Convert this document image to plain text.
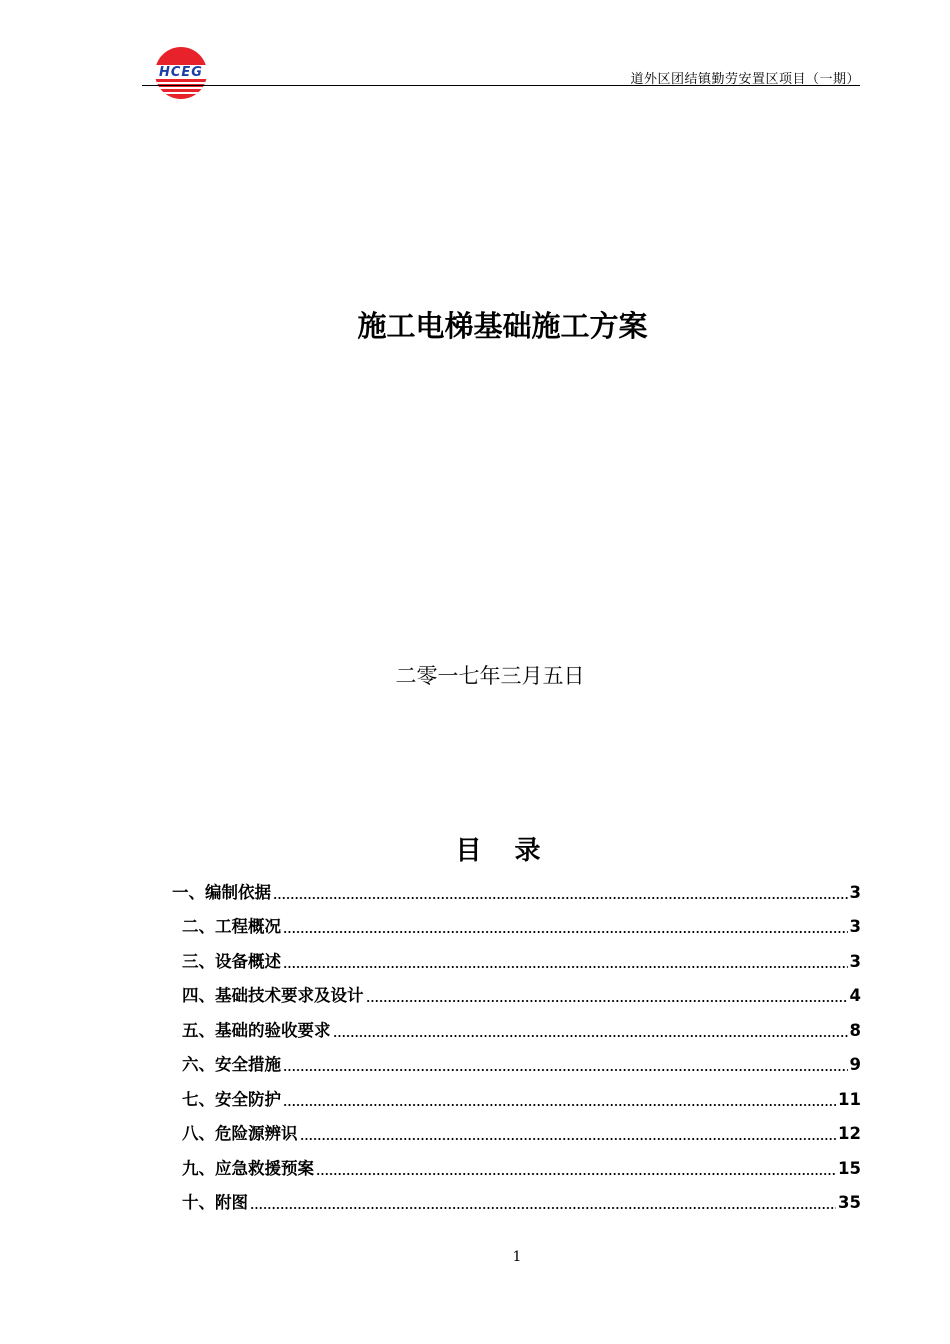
HCEG	道外区团结镇勤劳安置区项目（一期）
施工电梯基础施工方案
二零一七年三月五日
目 录
一、编制依据	3
二、工程概况	3
三、设备概述	3
四、基础技术要求及设计	4
五、基础的验收要求	8
六、安全措施	9
七、安全防护	11
八、危险源辨识	12
九、应急救援预案	15
十、附图	35
1
